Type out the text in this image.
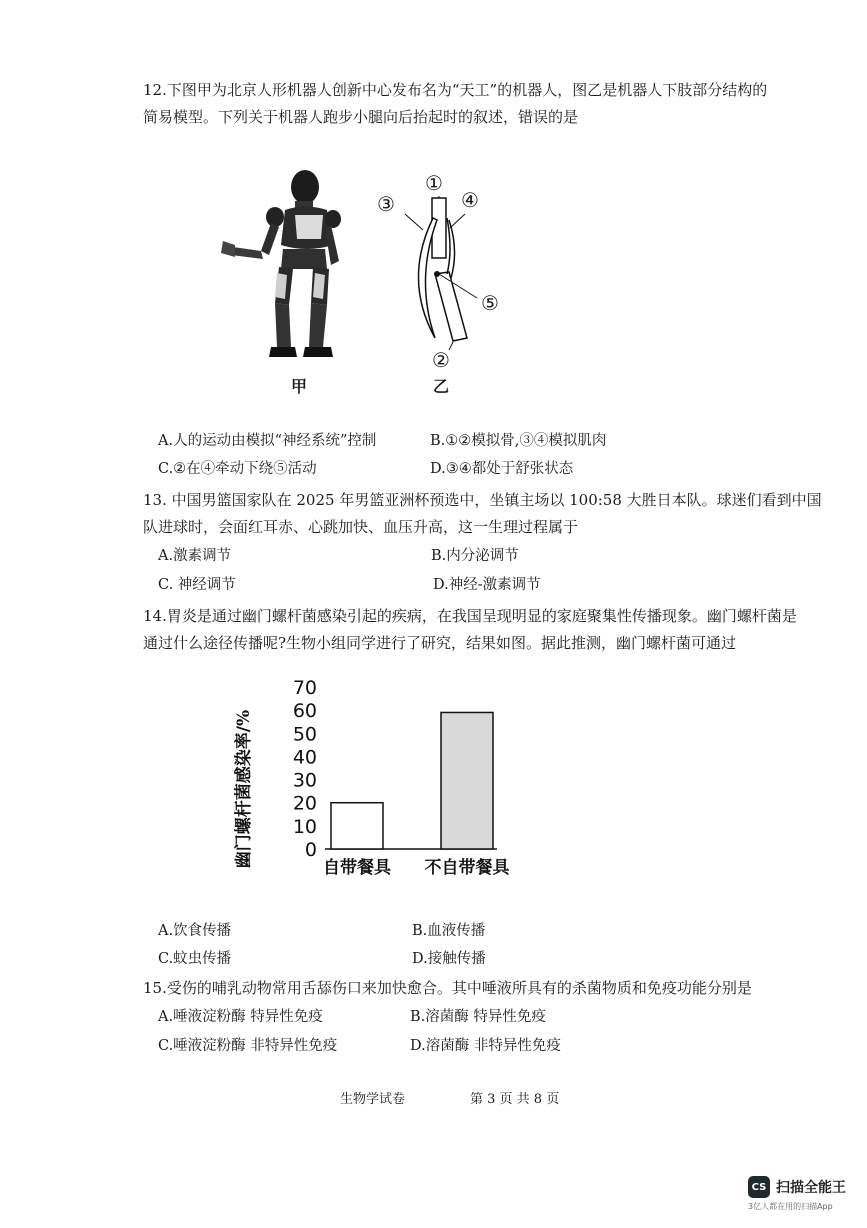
12.下图甲为北京人形机器人创新中心发布名为“天工”的机器人，图乙是机器人下肢部分结构的
简易模型。下列关于机器人跑步小腿向后抬起时的叙述，错误的是
①
③	④
⑤
②
甲	乙
A.人的运动由模拟“神经系统”控制	B.①②模拟骨,③④模拟肌肉
C.②在④牵动下绕⑤活动	D.③④都处于舒张状态
13. 中国男篮国家队在 2025 年男篮亚洲杯预选中，坐镇主场以 100:58 大胜日本队。球迷们看到中国
队进球时，会面红耳赤、心跳加快、血压升高，这一生理过程属于
A.激素调节	B.内分泌调节
C. 神经调节	D.神经-激素调节
14.胃炎是通过幽门螺杆菌感染引起的疾病，在我国呈现明显的家庭聚集性传播现象。幽门螺杆菌是
通过什么途径传播呢?生物小组同学进行了研究，结果如图。据此推测，幽门螺杆菌可通过
幽门螺杆菌感染率/%	0
10
20
30
40
50
60
70
自带餐具 不自带餐具
A.饮食传播	B.血液传播
C.蚊虫传播	D.接触传播
15.受伤的哺乳动物常用舌舔伤口来加快愈合。其中唾液所具有的杀菌物质和免疫功能分别是
A.唾液淀粉酶 特异性免疫	B.溶菌酶 特异性免疫
C.唾液淀粉酶 非特异性免疫	D.溶菌酶 非特异性免疫
生物学试卷	第 3 页 共 8 页
CS 扫描全能王
3亿人都在用的扫描App
